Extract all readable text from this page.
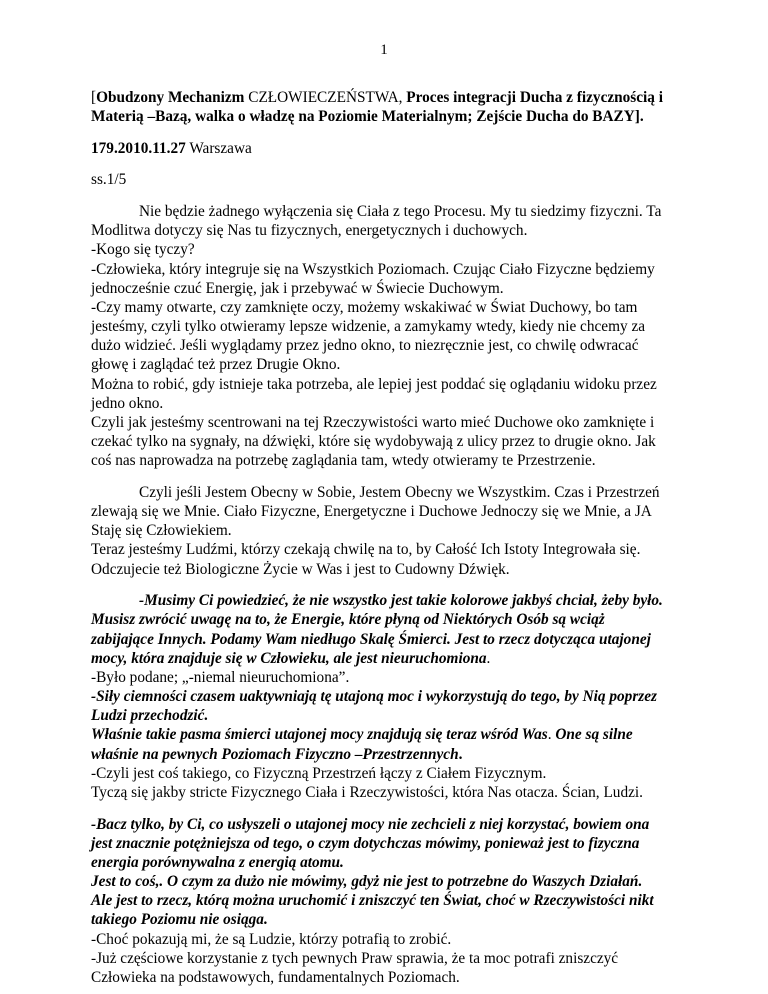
1
[Obudzony Mechanizm CZŁOWIECZEŃSTWA, Proces integracji Ducha z fizycznością i
Materią –Bazą, walka o władzę na Poziomie Materialnym; Zejście Ducha do BAZY].
179.2010.11.27 Warszawa
ss.1/5
Nie będzie żadnego wyłączenia się Ciała z tego Procesu. My tu siedzimy fizyczni. Ta
Modlitwa dotyczy się Nas tu fizycznych, energetycznych i duchowych.
-Kogo się tyczy?
-Człowieka, który integruje się na Wszystkich Poziomach. Czując Ciało Fizyczne będziemy
jednocześnie czuć Energię, jak i przebywać w Świecie Duchowym.
-Czy mamy otwarte, czy zamknięte oczy, możemy wskakiwać w Świat Duchowy, bo tam
jesteśmy, czyli tylko otwieramy lepsze widzenie, a zamykamy wtedy, kiedy nie chcemy za
dużo widzieć. Jeśli wyglądamy przez jedno okno, to niezręcznie jest, co chwilę odwracać
głowę i zaglądać też przez Drugie Okno.
Można to robić, gdy istnieje taka potrzeba, ale lepiej jest poddać się oglądaniu widoku przez
jedno okno.
Czyli jak jesteśmy scentrowani na tej Rzeczywistości warto mieć Duchowe oko zamknięte i
czekać tylko na sygnały, na dźwięki, które się wydobywają z ulicy przez to drugie okno. Jak
coś nas naprowadza na potrzebę zaglądania tam, wtedy otwieramy te Przestrzenie.
Czyli jeśli Jestem Obecny w Sobie, Jestem Obecny we Wszystkim. Czas i Przestrzeń
zlewają się we Mnie. Ciało Fizyczne, Energetyczne i Duchowe Jednoczy się we Mnie, a JA
Staję się Człowiekiem.
Teraz jesteśmy Ludźmi, którzy czekają chwilę na to, by Całość Ich Istoty Integrowała się.
Odczujecie też Biologiczne Życie w Was i jest to Cudowny Dźwięk.
-Musimy Ci powiedzieć, że nie wszystko jest takie kolorowe jakbyś chciał, żeby było.
Musisz zwrócić uwagę na to, że Energie, które płyną od Niektórych Osób są wciąż
zabijające Innych. Podamy Wam niedługo Skalę Śmierci. Jest to rzecz dotycząca utajonej
mocy, która znajduje się w Człowieku, ale jest nieuruchomiona.
-Było podane; „-niemal nieuruchomiona”.
-Siły ciemności czasem uaktywniają tę utajoną moc i wykorzystują do tego, by Nią poprzez
Ludzi przechodzić.
Właśnie takie pasma śmierci utajonej mocy znajdują się teraz wśród Was. One są silne
właśnie na pewnych Poziomach Fizyczno –Przestrzennych.
-Czyli jest coś takiego, co Fizyczną Przestrzeń łączy z Ciałem Fizycznym.
Tyczą się jakby stricte Fizycznego Ciała i Rzeczywistości, która Nas otacza. Ścian, Ludzi.
-Bacz tylko, by Ci, co usłyszeli o utajonej mocy nie zechcieli z niej korzystać, bowiem ona
jest znacznie potężniejsza od tego, o czym dotychczas mówimy, ponieważ jest to fizyczna
energia porównywalna z energią atomu.
Jest to coś,. O czym za dużo nie mówimy, gdyż nie jest to potrzebne do Waszych Działań.
Ale jest to rzecz, którą można uruchomić i zniszczyć ten Świat, choć w Rzeczywistości nikt
takiego Poziomu nie osiąga.
-Choć pokazują mi, że są Ludzie, którzy potrafią to zrobić.
-Już częściowe korzystanie z tych pewnych Praw sprawia, że ta moc potrafi zniszczyć
Człowieka na podstawowych, fundamentalnych Poziomach.
